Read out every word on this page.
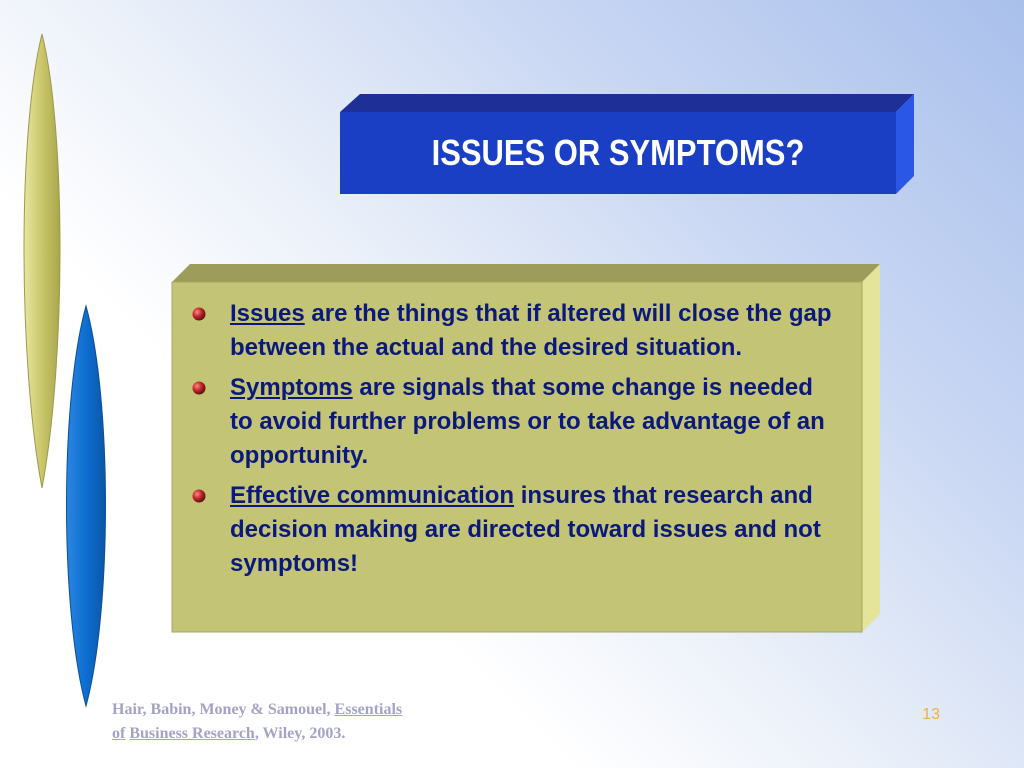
ISSUES OR SYMPTOMS?
Issues are the things that if altered will close the gap between the actual and the desired situation.
Symptoms are signals that some change is needed to avoid further problems or to take advantage of an opportunity.
Effective communication insures that research and decision making are directed toward issues and not symptoms!
Hair, Babin, Money & Samouel, Essentials
of Business Research, Wiley, 2003.
13
